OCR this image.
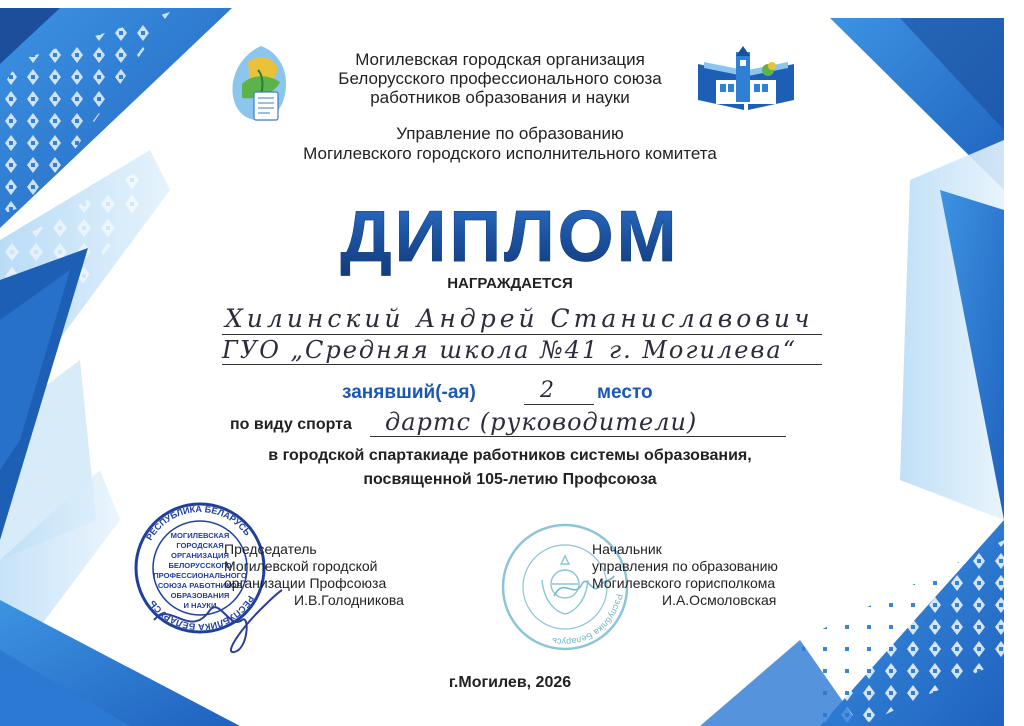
Могилевская городская организация
Белорусского профессионального союза
работников образования и науки
Управление по образованию
Могилевского городского исполнительного комитета
ДИПЛОМ
НАГРАЖДАЕТСЯ
Хилинский Андрей Станиславович
ГУО „Средняя школа №41 г. Могилева“
занявший(-ая)	2 место
по виду спорта дартс (руководители)
в городской спартакиаде работников системы образования,
посвященной 105-летию Профсоюза
РЕСПУБЛИКА БЕЛАРУСЬ
РЕСПУБЛИКА БЕЛАРУСЬ
МОГИЛЕВСКАЯ
ГОРОДСКАЯ
ОРГАНИЗАЦИЯ
БЕЛОРУССКОГО
ПРОФЕССИОНАЛЬНОГО
СОЮЗА РАБОТНИКОВ
ОБРАЗОВАНИЯ
И НАУКИ
Председатель
Могилевской городской
организации Профсоюза
И.В.Голодникова	Рэспублiка Беларусь
Начальник
управления по образованию
Могилевского горисполкома
И.А.Осмоловская
г.Могилев, 2026
